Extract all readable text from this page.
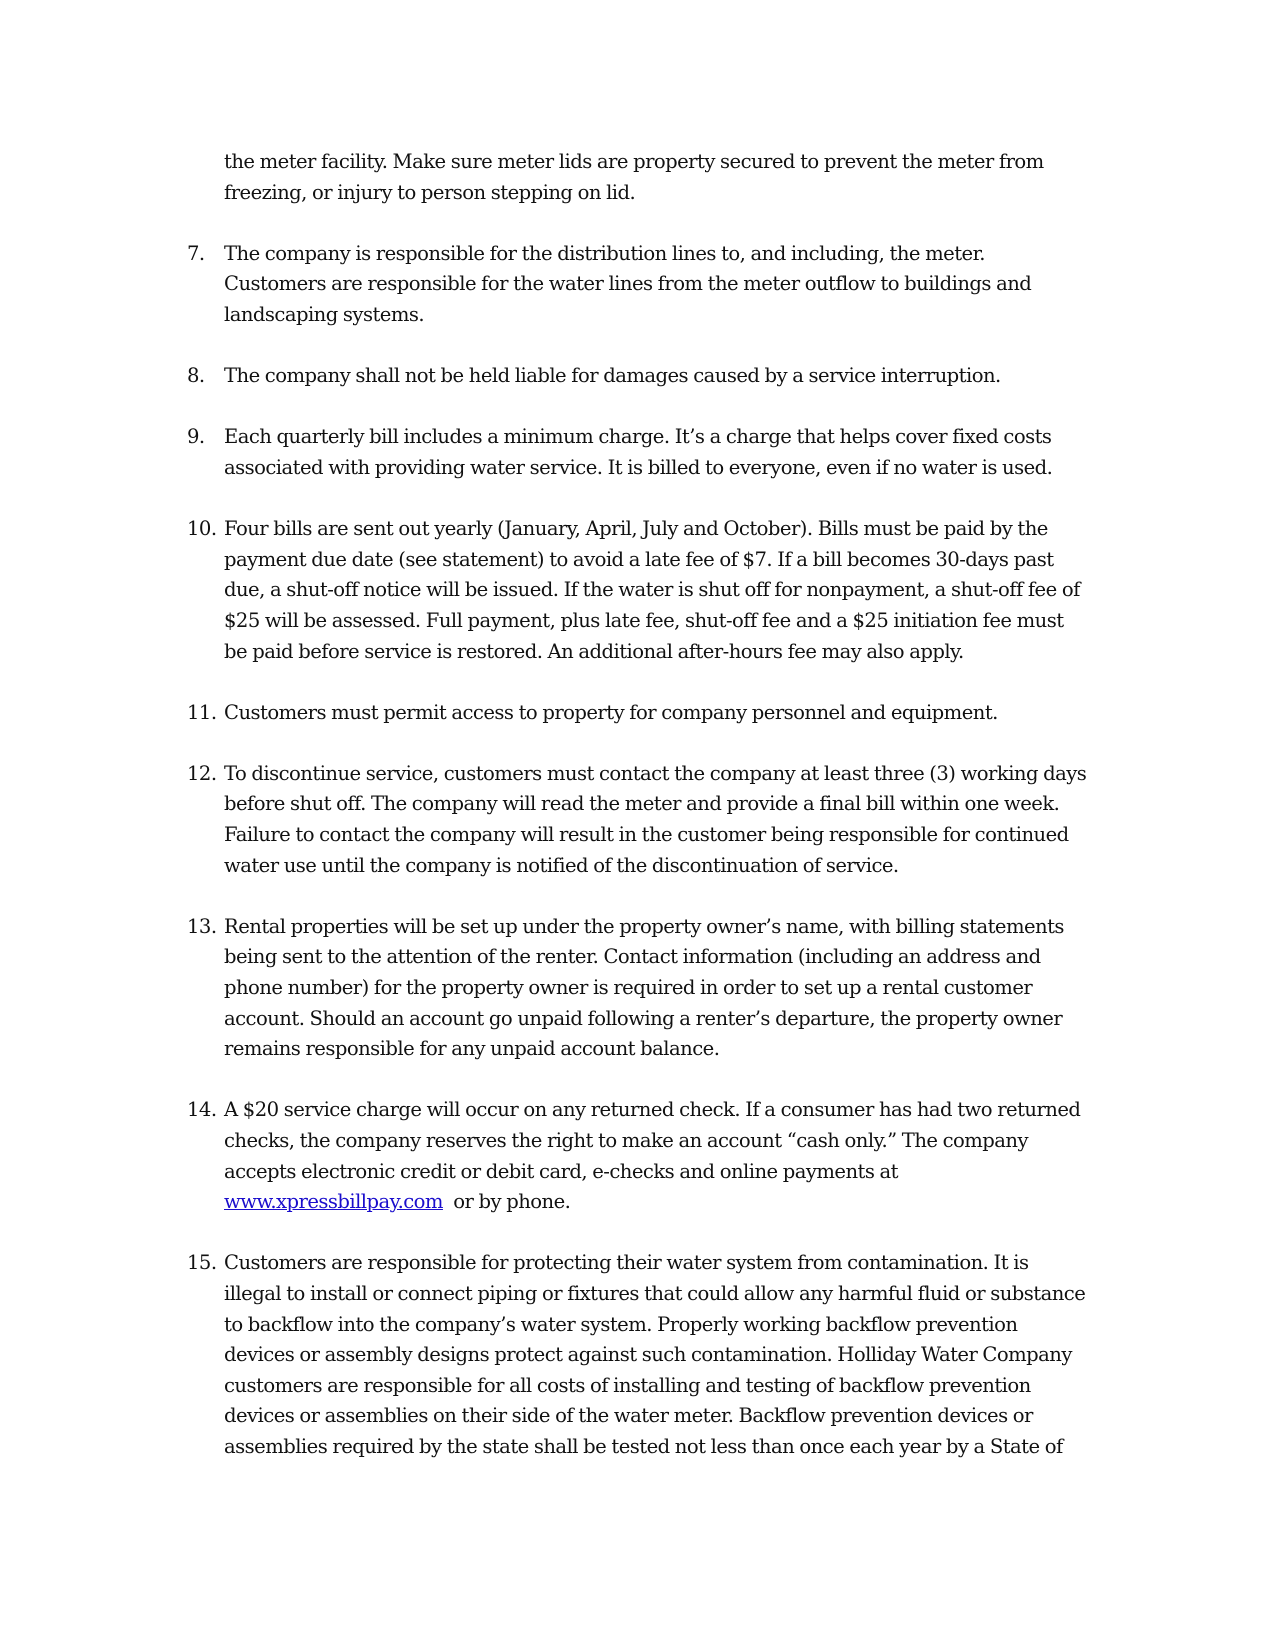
the meter facility. Make sure meter lids are property secured to prevent the meter from
freezing, or injury to person stepping on lid.
7. The company is responsible for the distribution lines to, and including, the meter.
Customers are responsible for the water lines from the meter outflow to buildings and
landscaping systems.
8. The company shall not be held liable for damages caused by a service interruption.
9. Each quarterly bill includes a minimum charge. It’s a charge that helps cover fixed costs
associated with providing water service. It is billed to everyone, even if no water is used.
10. Four bills are sent out yearly (January, April, July and October). Bills must be paid by the
payment due date (see statement) to avoid a late fee of $7. If a bill becomes 30-days past
due, a shut-off notice will be issued. If the water is shut off for nonpayment, a shut-off fee of
$25 will be assessed. Full payment, plus late fee, shut-off fee and a $25 initiation fee must
be paid before service is restored. An additional after-hours fee may also apply.
11. Customers must permit access to property for company personnel and equipment.
12. To discontinue service, customers must contact the company at least three (3) working days
before shut off. The company will read the meter and provide a final bill within one week.
Failure to contact the company will result in the customer being responsible for continued
water use until the company is notified of the discontinuation of service.
13. Rental properties will be set up under the property owner’s name, with billing statements
being sent to the attention of the renter. Contact information (including an address and
phone number) for the property owner is required in order to set up a rental customer
account. Should an account go unpaid following a renter’s departure, the property owner
remains responsible for any unpaid account balance.
14. A $20 service charge will occur on any returned check. If a consumer has had two returned
checks, the company reserves the right to make an account “cash only.” The company
accepts electronic credit or debit card, e-checks and online payments at
www.xpressbillpay.com  or by phone.
15. Customers are responsible for protecting their water system from contamination. It is
illegal to install or connect piping or fixtures that could allow any harmful fluid or substance
to backflow into the company’s water system. Properly working backflow prevention
devices or assembly designs protect against such contamination. Holliday Water Company
customers are responsible for all costs of installing and testing of backflow prevention
devices or assemblies on their side of the water meter. Backflow prevention devices or
assemblies required by the state shall be tested not less than once each year by a State of
